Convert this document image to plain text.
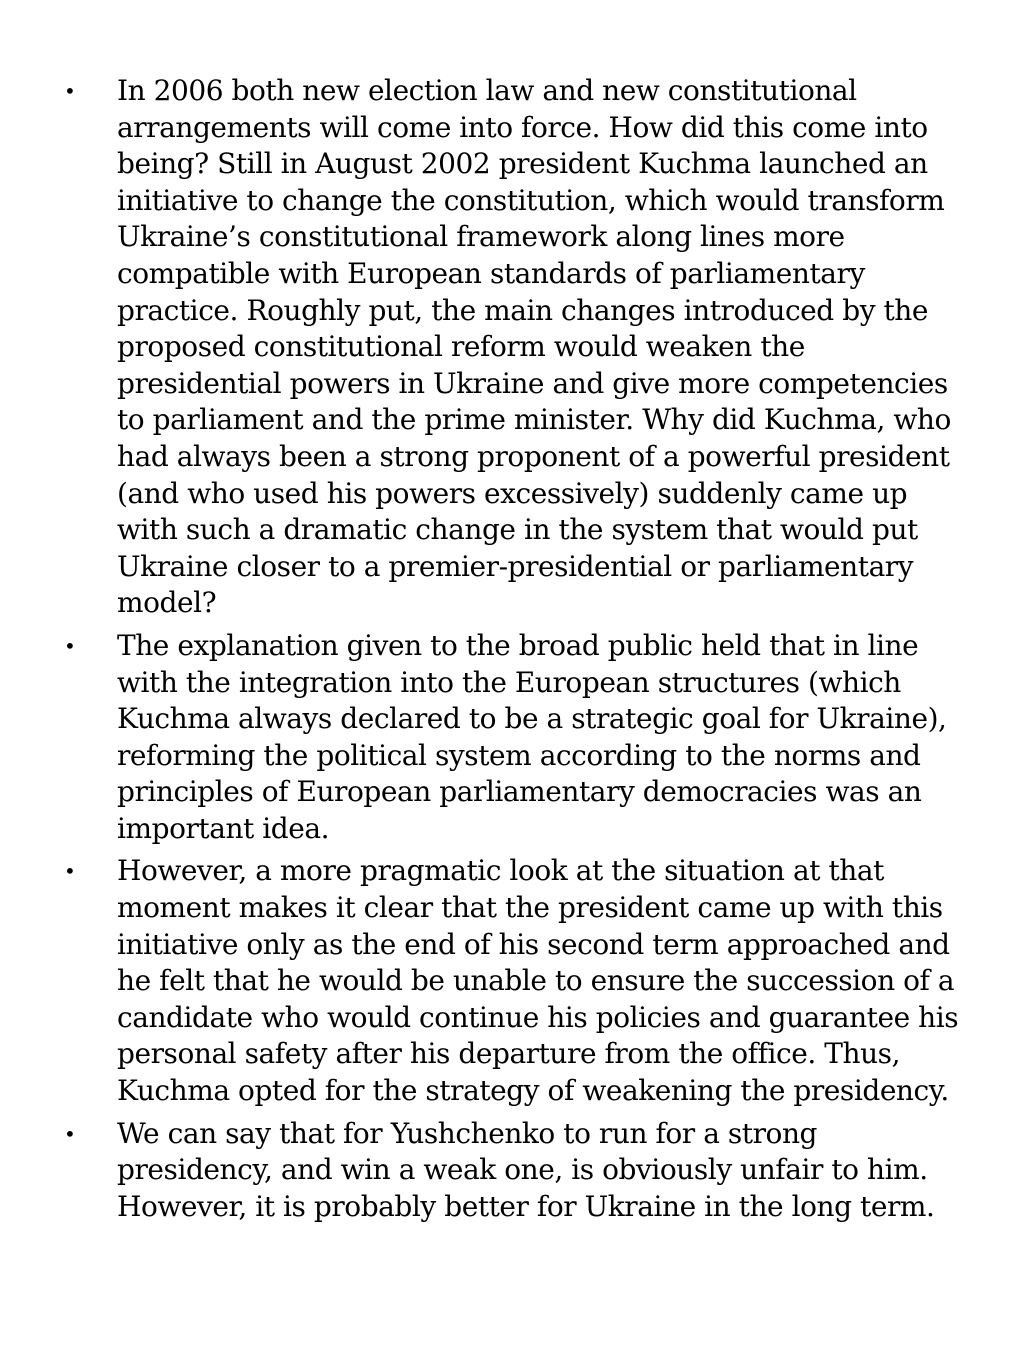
• In 2006 both new election law and new constitutional arrangements will come into force. How did this come into being? Still in August 2002 president Kuchma launched an initiative to change the constitution, which would transform Ukraine’s constitutional framework along lines more compatible with European standards of parliamentary practice. Roughly put, the main changes introduced by the proposed constitutional reform would weaken the presidential powers in Ukraine and give more competencies to parliament and the prime minister. Why did Kuchma, who had always been a strong proponent of a powerful president (and who used his powers excessively) suddenly came up with such a dramatic change in the system that would put Ukraine closer to a premier-presidential or parliamentary model?
• The explanation given to the broad public held that in line with the integration into the European structures (which Kuchma always declared to be a strategic goal for Ukraine), reforming the political system according to the norms and principles of European parliamentary democracies was an important idea.
• However, a more pragmatic look at the situation at that moment makes it clear that the president came up with this initiative only as the end of his second term approached and he felt that he would be unable to ensure the succession of a candidate who would continue his policies and guarantee his personal safety after his departure from the office. Thus, Kuchma opted for the strategy of weakening the presidency.
• We can say that for Yushchenko to run for a strong presidency, and win a weak one, is obviously unfair to him. However, it is probably better for Ukraine in the long term.
